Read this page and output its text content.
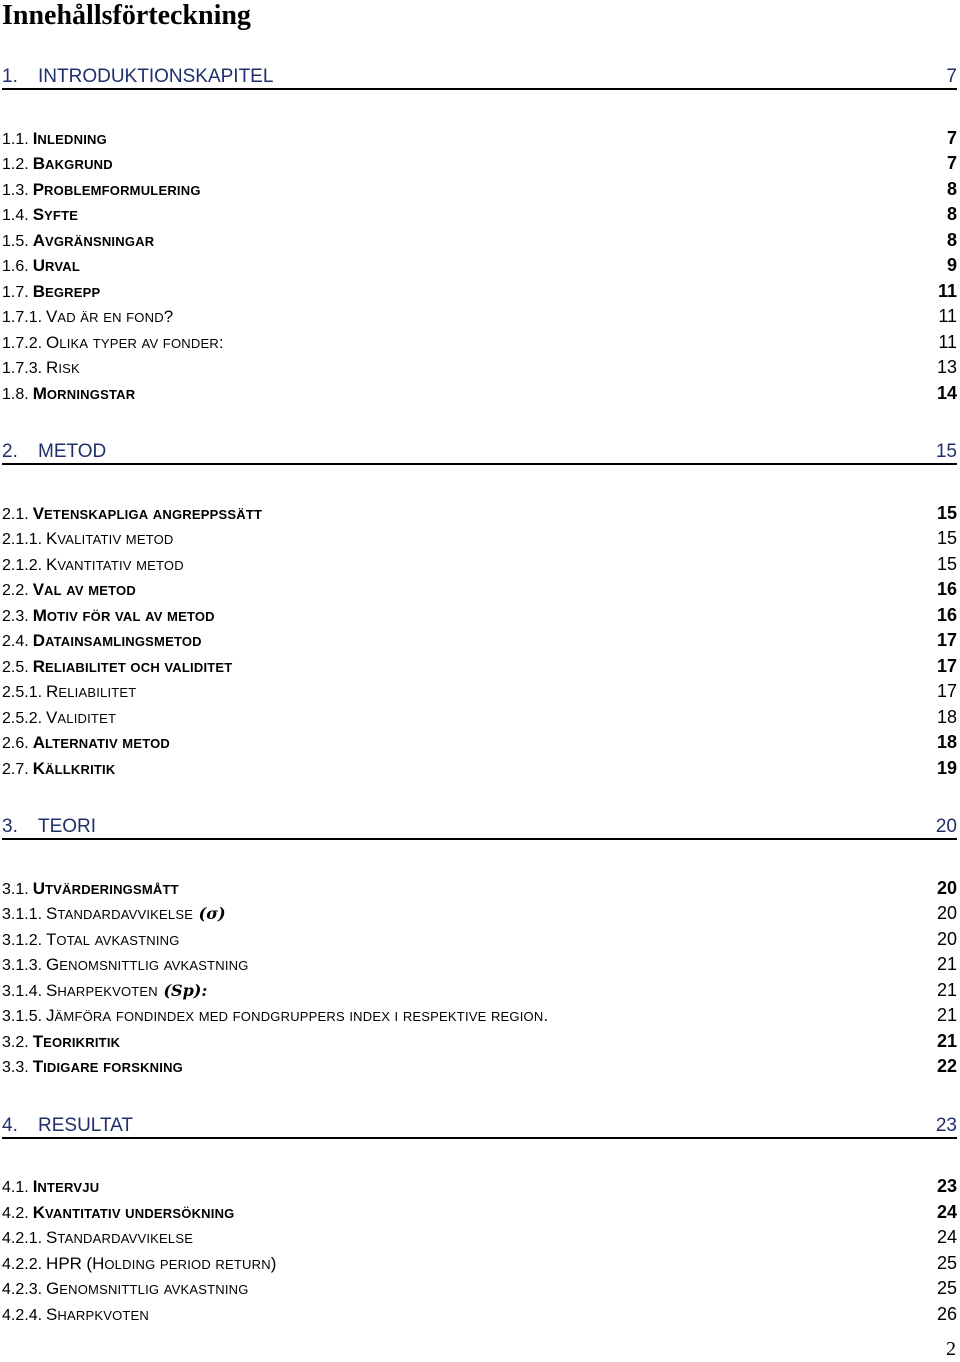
Innehållsförteckning
1. INTRODUKTIONSKAPITEL	7
1.1. INLEDNING	7
1.2. BAKGRUND	7
1.3. PROBLEMFORMULERING	8
1.4. SYFTE	8
1.5. AVGRÄNSNINGAR	8
1.6. URVAL	9
1.7. BEGREPP	11
1.7.1. VAD ÄR EN FOND?	11
1.7.2. OLIKA TYPER AV FONDER:	11
1.7.3. RISK	13
1.8. MORNINGSTAR	14
2. METOD	15
2.1. VETENSKAPLIGA ANGREPPSSÄTT	15
2.1.1. KVALITATIV METOD	15
2.1.2. KVANTITATIV METOD	15
2.2. VAL AV METOD	16
2.3. MOTIV FÖR VAL AV METOD	16
2.4. DATAINSAMLINGSMETOD	17
2.5. RELIABILITET OCH VALIDITET	17
2.5.1. RELIABILITET	17
2.5.2. VALIDITET	18
2.6. ALTERNATIV METOD	18
2.7. KÄLLKRITIK	19
3. TEORI	20
3.1. UTVÄRDERINGSMÅTT	20
3.1.1. STANDARDAVVIKELSE (σ)	20
3.1.2. TOTAL AVKASTNING	20
3.1.3. GENOMSNITTLIG AVKASTNING	21
3.1.4. SHARPEKVOTEN (Sp):	21
3.1.5. JÄMFÖRA FONDINDEX MED FONDGRUPPERS INDEX I RESPEKTIVE REGION.	21
3.2. TEORIKRITIK	21
3.3. TIDIGARE FORSKNING	22
4. RESULTAT	23
4.1. INTERVJU	23
4.2. KVANTITATIV UNDERSÖKNING	24
4.2.1. STANDARDAVVIKELSE	24
4.2.2. HPR (HOLDING PERIOD RETURN)	25
4.2.3. GENOMSNITTLIG AVKASTNING	25
4.2.4. SHARPKVOTEN	26
2
